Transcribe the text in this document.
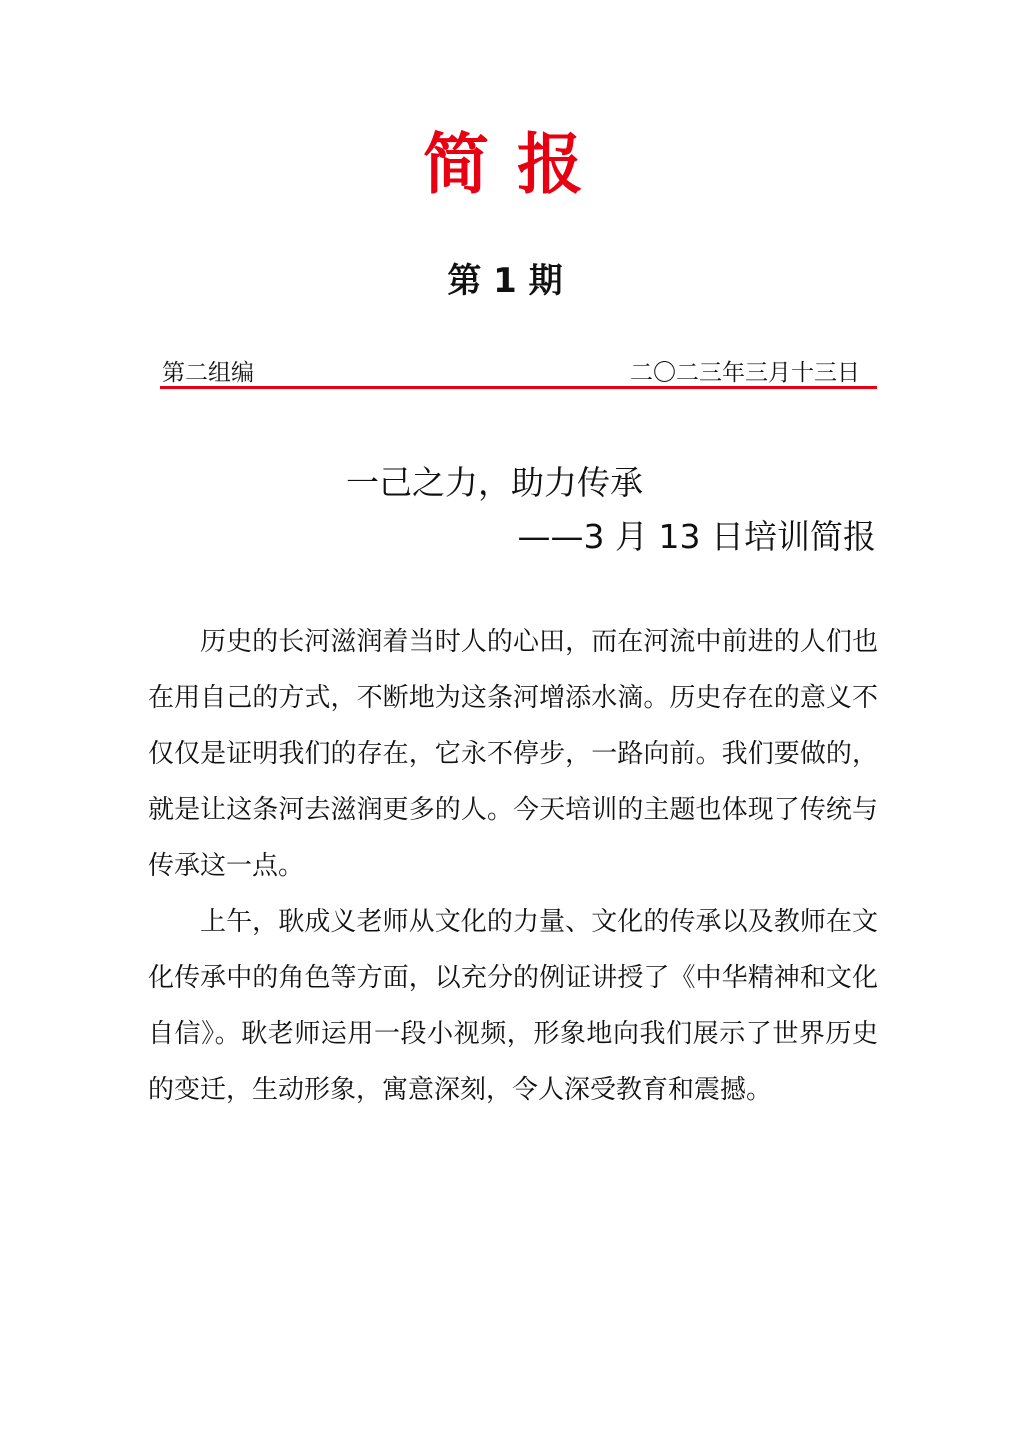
简报
第 1 期
第二组编	二〇二三年三月十三日
一己之力，助力传承
——3 月 13 日培训简报

历史的长河滋润着当时人的心田，而在河流中前进的人们也在用自己的方式，不断地为这条河增添水滴。历史存在的意义不仅仅是证明我们的存在，它永不停步，一路向前。我们要做的，就是让这条河去滋润更多的人。今天培训的主题也体现了传统与传承这一点。

上午，耿成义老师从文化的力量、文化的传承以及教师在文化传承中的角色等方面，以充分的例证讲授了《中华精神和文化自信》。耿老师运用一段小视频，形象地向我们展示了世界历史的变迁，生动形象，寓意深刻，令人深受教育和震撼。
